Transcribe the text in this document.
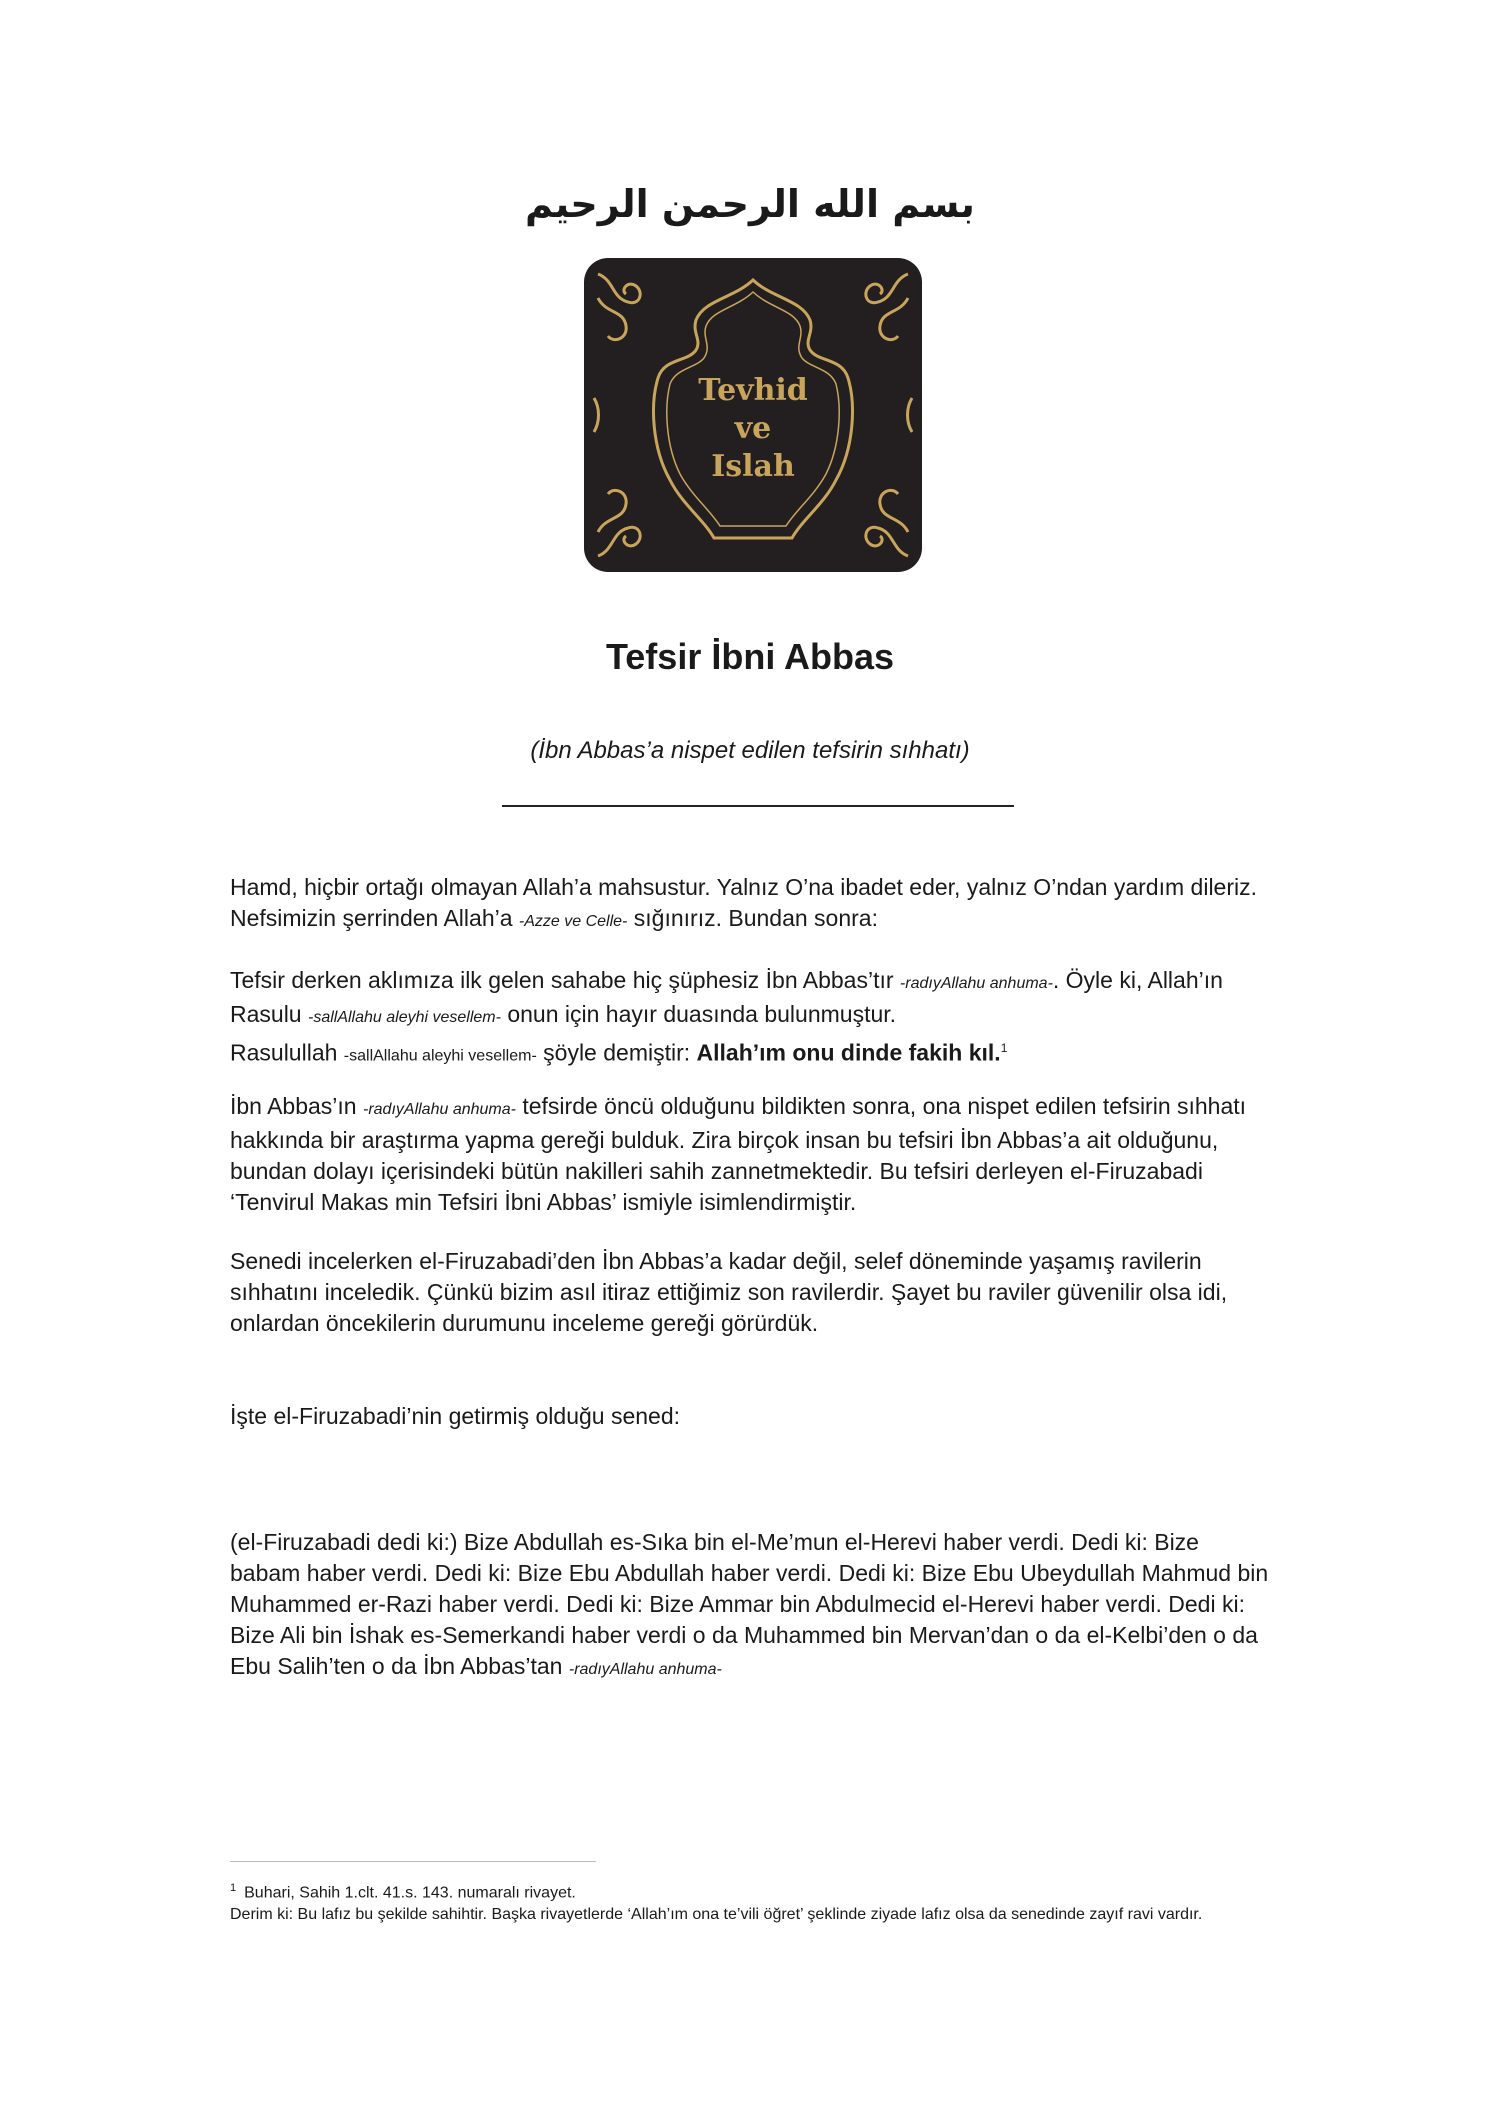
بسم الله الرحمن الرحيم
Tevhid
ve
Islah
Tefsir İbni Abbas
(İbn Abbas’a nispet edilen tefsirin sıhhatı)

Hamd, hiçbir ortağı olmayan Allah’a mahsustur. Yalnız O’na ibadet eder, yalnız O’ndan yardım dileriz. Nefsimizin şerrinden Allah’a -Azze ve Celle- sığınırız. Bundan sonra:

Tefsir derken aklımıza ilk gelen sahabe hiç şüphesiz İbn Abbas’tır -radıyAllahu anhuma-. Öyle ki, Allah’ın Rasulu -sallAllahu aleyhi vesellem- onun için hayır duasında bulunmuştur.
Rasulullah -sallAllahu aleyhi vesellem- şöyle demiştir: Allah’ım onu dinde fakih kıl.$^1$

İbn Abbas’ın -radıyAllahu anhuma- tefsirde öncü olduğunu bildikten sonra, ona nispet edilen tefsirin sıhhatı hakkında bir araştırma yapma gereği bulduk. Zira birçok insan bu tefsiri İbn Abbas’a ait olduğunu, bundan dolayı içerisindeki bütün nakilleri sahih zannetmektedir. Bu tefsiri derleyen el-Firuzabadi ‘Tenvirul Makas min Tefsiri İbni Abbas’ ismiyle isimlendirmiştir.

Senedi incelerken el-Firuzabadi’den İbn Abbas’a kadar değil, selef döneminde yaşamış ravilerin sıhhatını inceledik. Çünkü bizim asıl itiraz ettiğimiz son ravilerdir. Şayet bu raviler güvenilir olsa idi, onlardan öncekilerin durumunu inceleme gereği görürdük.

İşte el-Firuzabadi’nin getirmiş olduğu sened:

(el-Firuzabadi dedi ki:) Bize Abdullah es-Sıka bin el-Me’mun el-Herevi haber verdi. Dedi ki: Bize babam haber verdi. Dedi ki: Bize Ebu Abdullah haber verdi. Dedi ki: Bize Ebu Ubeydullah Mahmud bin Muhammed er-Razi haber verdi. Dedi ki: Bize Ammar bin Abdulmecid el-Herevi haber verdi. Dedi ki: Bize Ali bin İshak es-Semerkandi haber verdi o da Muhammed bin Mervan’dan o da el-Kelbi’den o da Ebu Salih’ten o da İbn Abbas’tan -radıyAllahu anhuma-

$^1$ Buhari, Sahih 1.clt. 41.s. 143. numaralı rivayet.
Derim ki: Bu lafız bu şekilde sahihtir. Başka rivayetlerde ‘Allah’ım ona te’vili öğret’ şeklinde ziyade lafız olsa da senedinde zayıf ravi vardır.
